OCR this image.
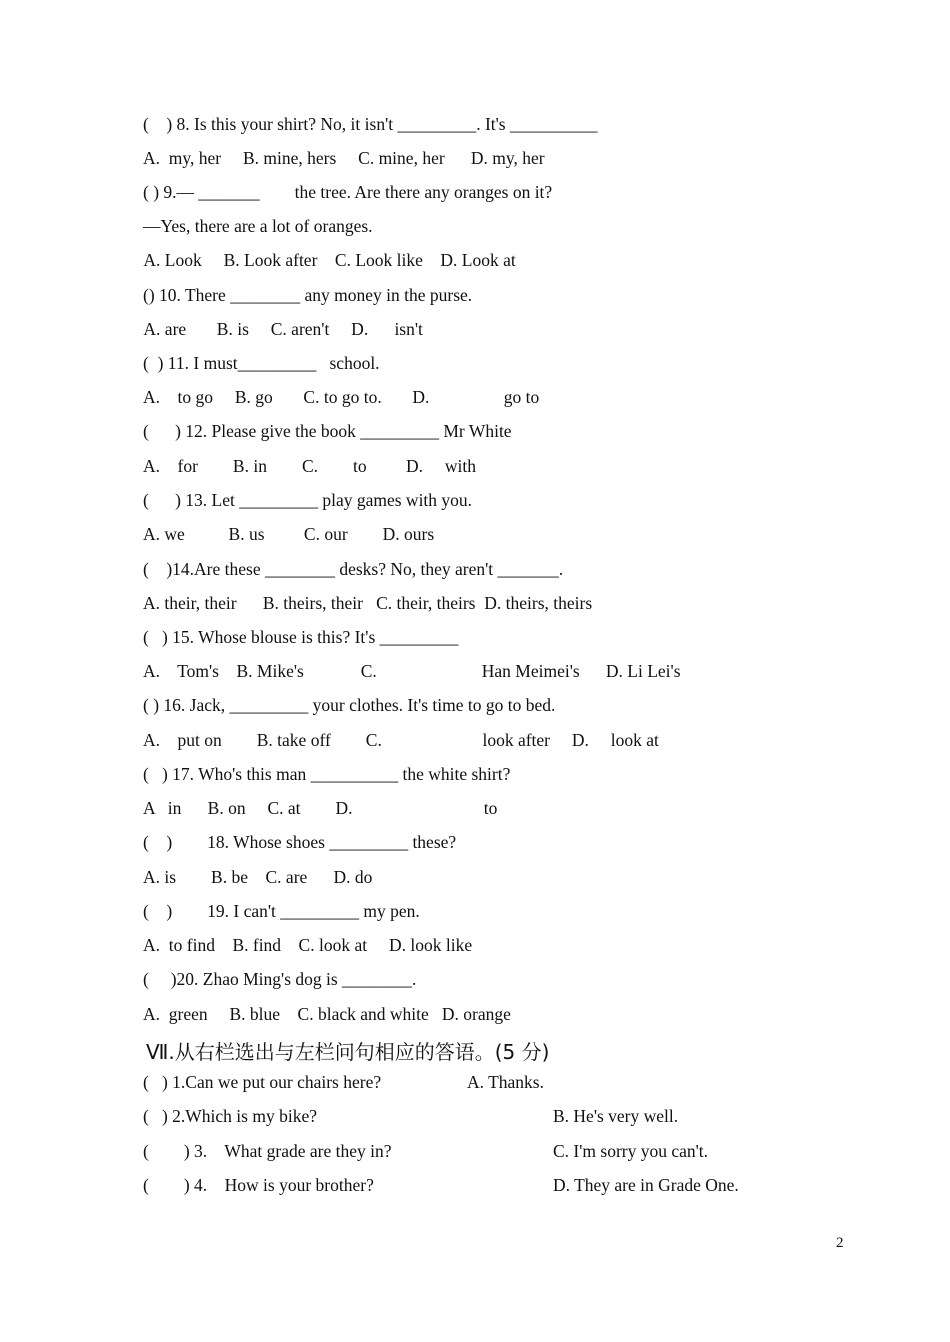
(    ) 8. Is this your shirt? No, it isn't _________. It's __________
A.  my, her     B. mine, hers     C. mine, her      D. my, her
( ) 9.— _______        the tree. Are there any oranges on it?
—Yes, there are a lot of oranges.
A. Look     B. Look after    C. Look like    D. Look at
() 10. There ________ any money in the purse.
A. are       B. is     C. aren't     D.      isn't
(  ) 11. I must_________   school.
A.    to go     B. go       C. to go to.       D.                 go to
(      ) 12. Please give the book _________ Mr White
A.    for        B. in        C.        to         D.     with
(      ) 13. Let _________ play games with you.
A. we          B. us         C. our        D. ours
(    )14.Are these ________ desks? No, they aren't _______.
A. their, their      B. theirs, their   C. their, theirs  D. theirs, theirs
(   ) 15. Whose blouse is this? It's _________
A.    Tom's    B. Mike's             C.                        Han Meimei's      D. Li Lei's
( ) 16. Jack, _________ your clothes. It's time to go to bed.
A.    put on        B. take off        C.                       look after     D.     look at
(   ) 17. Who's this man __________ the white shirt?
A   in      B. on     C. at        D.                              to
(    )        18. Whose shoes _________ these?
A. is        B. be    C. are      D. do
(    )        19. I can't _________ my pen.
A.  to find    B. find    C. look at     D. look like
(     )20. Zhao Ming's dog is ________.
A.  green     B. blue    C. black and white   D. orange
Ⅶ.从右栏选出与左栏问句相应的答语。(5 分)
(   ) 1.Can we put our chairs here?	A. Thanks.
(   ) 2.Which is my bike?	B. He's very well.
(        ) 3.    What grade are they in?	C. I'm sorry you can't.
(        ) 4.    How is your brother?	D. They are in Grade One.
2
